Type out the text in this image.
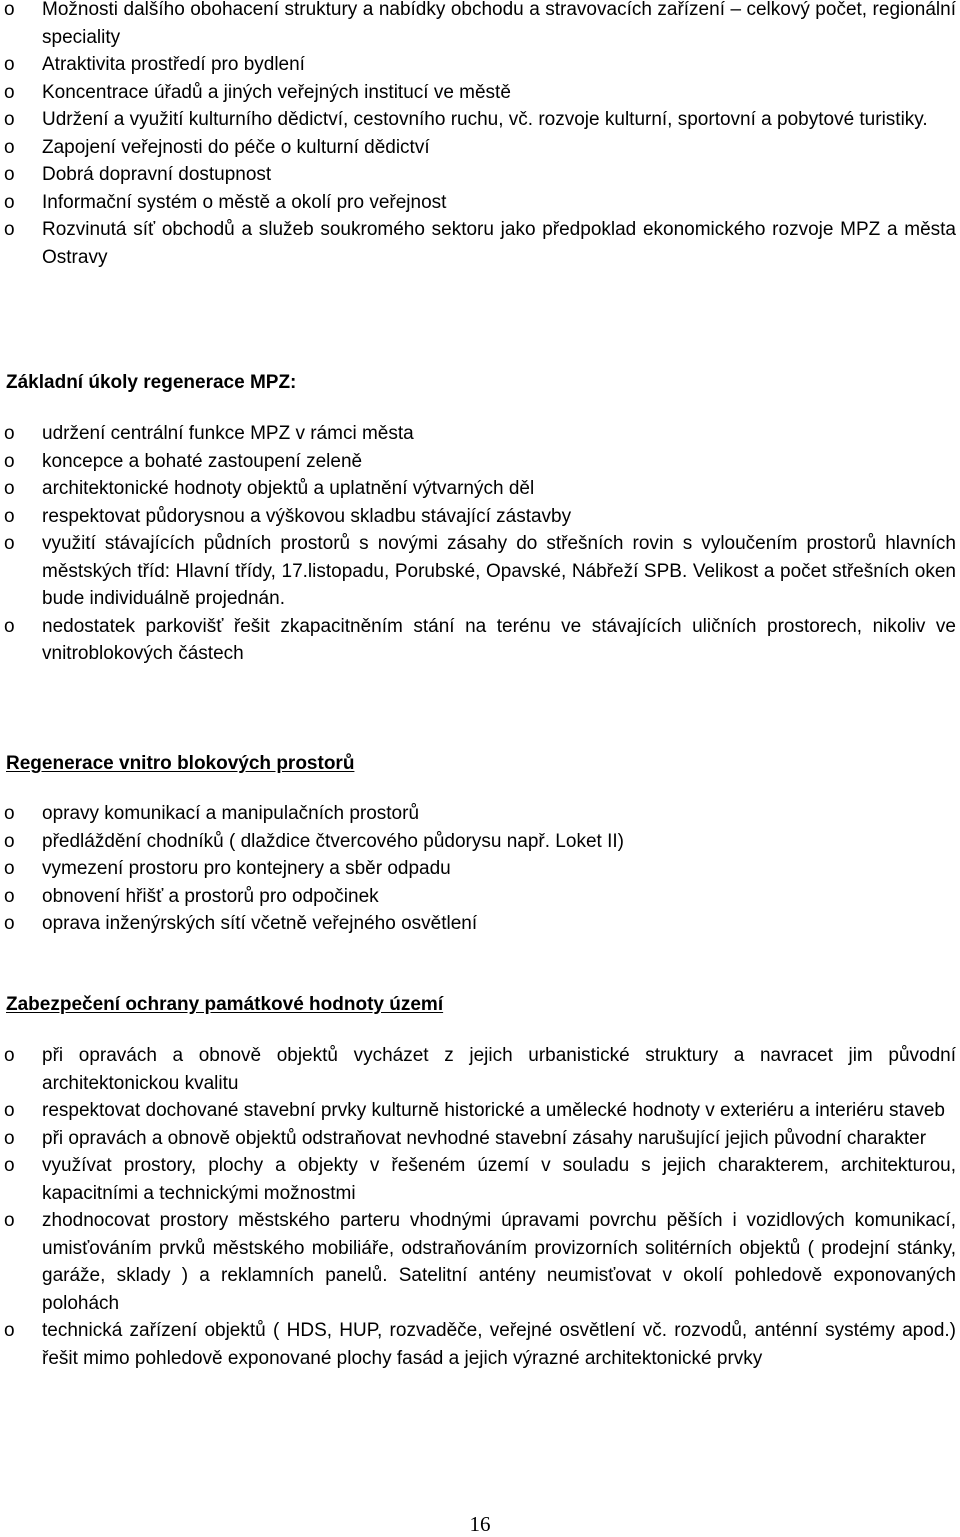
o	Možnosti dalšího obohacení struktury a nabídky obchodu a stravovacích zařízení – celkový počet, regionální speciality
o	Atraktivita prostředí pro bydlení
o	Koncentrace úřadů a jiných veřejných institucí ve městě
o	Udržení a využití kulturního dědictví, cestovního ruchu, vč. rozvoje kulturní, sportovní a pobytové turistiky.
o	Zapojení veřejnosti do péče o kulturní dědictví
o	Dobrá dopravní dostupnost
o	Informační systém o městě a okolí pro veřejnost
o	Rozvinutá síť obchodů a služeb soukromého sektoru jako předpoklad ekonomického rozvoje MPZ a města Ostravy
Základní úkoly regenerace MPZ:
o	udržení centrální funkce MPZ v rámci města
o	koncepce a bohaté zastoupení zeleně
o	architektonické hodnoty objektů a uplatnění výtvarných děl
o	respektovat půdorysnou a výškovou skladbu stávající zástavby
o	využití stávajících půdních prostorů s novými zásahy do střešních rovin s vyloučením prostorů hlavních městských tříd: Hlavní třídy, 17.listopadu, Porubské, Opavské, Nábřeží SPB. Velikost a počet střešních oken bude individuálně projednán.
o	nedostatek parkovišť řešit zkapacitněním stání na terénu ve stávajících uličních prostorech, nikoliv ve vnitroblokových částech
Regenerace vnitro blokových prostorů
o	opravy komunikací a manipulačních prostorů
o	předláždění chodníků ( dlaždice čtvercového půdorysu např. Loket II)
o	vymezení prostoru pro kontejnery a sběr odpadu
o	obnovení hřišť a prostorů pro odpočinek
o	oprava inženýrských sítí včetně veřejného osvětlení
Zabezpečení ochrany památkové hodnoty území
o	při opravách a obnově objektů vycházet z jejich urbanistické struktury a navracet jim původní architektonickou kvalitu
o	respektovat dochované stavební prvky kulturně historické a umělecké hodnoty v exteriéru a interiéru staveb
o	při opravách a obnově objektů odstraňovat nevhodné stavební zásahy narušující jejich původní charakter
o	využívat prostory, plochy a objekty v řešeném území v souladu s jejich charakterem, architekturou, kapacitními a technickými možnostmi
o	zhodnocovat prostory městského parteru vhodnými úpravami povrchu pěších i vozidlových komunikací, umisťováním prvků městského mobiliáře, odstraňováním provizorních solitérních objektů ( prodejní stánky, garáže, sklady ) a reklamních panelů. Satelitní antény neumisťovat v okolí pohledově exponovaných polohách
o	technická zařízení objektů ( HDS, HUP, rozvaděče, veřejné osvětlení vč. rozvodů, anténní systémy apod.) řešit mimo pohledově exponované plochy fasád a jejich výrazné architektonické prvky
16
